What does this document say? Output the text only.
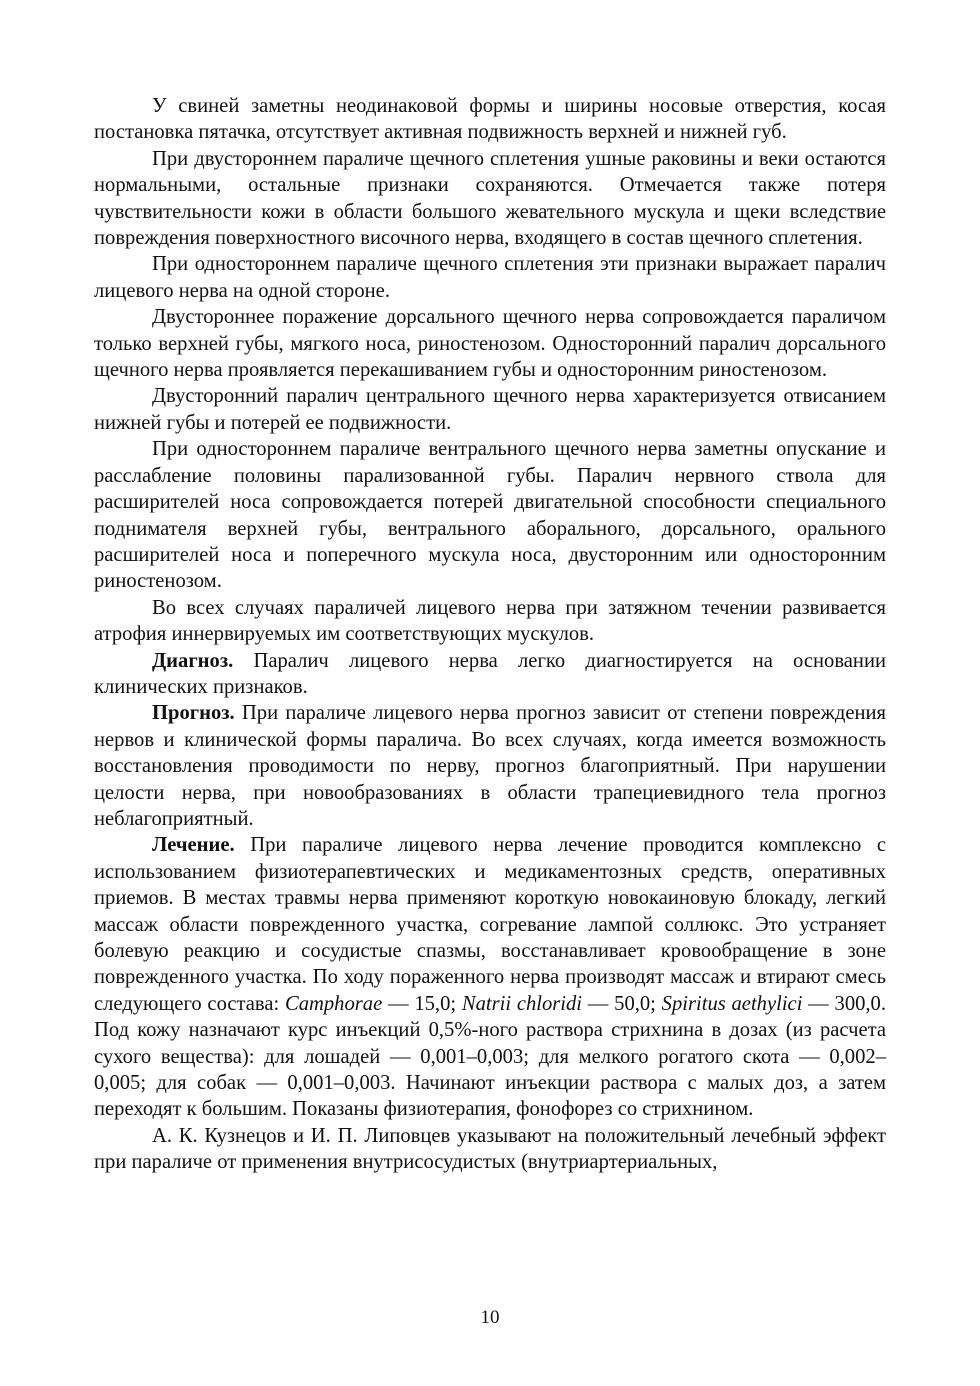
У свиней заметны неодинаковой формы и ширины носовые отверстия, косая постановка пятачка, отсутствует активная подвижность верхней и нижней губ.

При двустороннем параличе щечного сплетения ушные раковины и веки остаются нормальными, остальные признаки сохраняются. Отмечается также потеря чувствительности кожи в области большого жевательного мускула и щеки вследствие повреждения поверхностного височного нерва, входящего в состав щечного сплетения.

При одностороннем параличе щечного сплетения эти признаки выражает паралич лицевого нерва на одной стороне.

Двустороннее поражение дорсального щечного нерва сопровождается параличом только верхней губы, мягкого носа, риностенозом. Односторонний паралич дорсального щечного нерва проявляется перекашиванием губы и односторонним риностенозом.

Двусторонний паралич центрального щечного нерва характеризуется отвисанием нижней губы и потерей ее подвижности.

При одностороннем параличе вентрального щечного нерва заметны опускание и расслабление половины парализованной губы. Паралич нервного ствола для расширителей носа сопровождается потерей двигательной способности специального поднимателя верхней губы, вентрального аборального, дорсального, орального расширителей носа и поперечного мускула носа, двусторонним или односторонним риностенозом.

Во всех случаях параличей лицевого нерва при затяжном течении развивается атрофия иннервируемых им соответствующих мускулов.

Диагноз. Паралич лицевого нерва легко диагностируется на основании клинических признаков.

Прогноз. При параличе лицевого нерва прогноз зависит от степени повреждения нервов и клинической формы паралича. Во всех случаях, когда имеется возможность восстановления проводимости по нерву, прогноз благоприятный. При нарушении целости нерва, при новообразованиях в области трапециевидного тела прогноз неблагоприятный.

Лечение. При параличе лицевого нерва лечение проводится комплексно с использованием физиотерапевтических и медикаментозных средств, оперативных приемов. В местах травмы нерва применяют короткую новокаиновую блокаду, легкий массаж области поврежденного участка, согревание лампой соллюкс. Это устраняет болевую реакцию и сосудистые спазмы, восстанавливает кровообращение в зоне поврежденного участка. По ходу пораженного нерва производят массаж и втирают смесь следующего состава: Camphorae — 15,0; Natrii chloridi — 50,0; Spiritus aethylici — 300,0. Под кожу назначают курс инъекций 0,5%-ного раствора стрихнина в дозах (из расчета сухого вещества): для лошадей — 0,001–0,003; для мелкого рогатого скота — 0,002–0,005; для собак — 0,001–0,003. Начинают инъекции раствора с малых доз, а затем переходят к большим. Показаны физиотерапия, фонофорез со стрихнином.

А. К. Кузнецов и И. П. Липовцев указывают на положительный лечебный эффект при параличе от применения внутрисосудистых (внутриартериальных,

10
